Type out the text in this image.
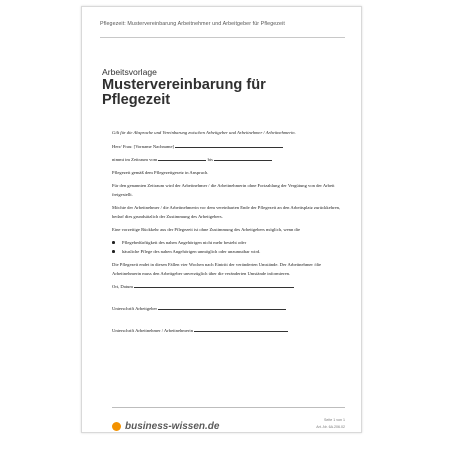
Pflegezeit: Mustervereinbarung Arbeitnehmer und Arbeitgeber für Pflegezeit
Arbeitsvorlage
Mustervereinbarung für Pflegezeit

Gilt für die Absprache und Vereinbarung zwischen Arbeitgeber und Arbeitnehmer / Arbeitnehmerin.

Herr/ Frau: [Vorname Nachname]

nimmt im Zeitraum vom	bis

Pflegezeit gemäß dem Pflegezeitgesetz in Anspruch.

Für den genannten Zeitraum wird der Arbeitnehmer / die Arbeitnehmerin ohne Fortzahlung der Vergütung von der Arbeit freigestellt.

Möchte der Arbeitnehmer / die Arbeitnehmerin vor dem vereinbarten Ende der Pflegezeit an den Arbeitsplatz zurückkehren, bedarf dies grundsätzlich der Zustimmung des Arbeitgebers.

Eine vorzeitige Rückkehr aus der Pflegezeit ist ohne Zustimmung des Arbeitgebers möglich, wenn die

Pflegebedürftigkeit des nahen Angehörigen nicht mehr besteht oder
häusliche Pflege des nahen Angehörigen unmöglich oder unzumutbar wird.

Die Pflegezeit endet in diesen Fällen vier Wochen nach Eintritt der veränderten Umstände. Der Arbeitnehmer /die Arbeitnehmerin muss den Arbeitgeber unverzüglich über die veränderten Umstände informieren.

Ort, Datum

Unterschrift Arbeitgeber

Unterschrift Arbeitnehmer / Arbeitnehmerin

business-wissen.de
Seite 1 von 1
Art.-Nr. 6A.206.02
